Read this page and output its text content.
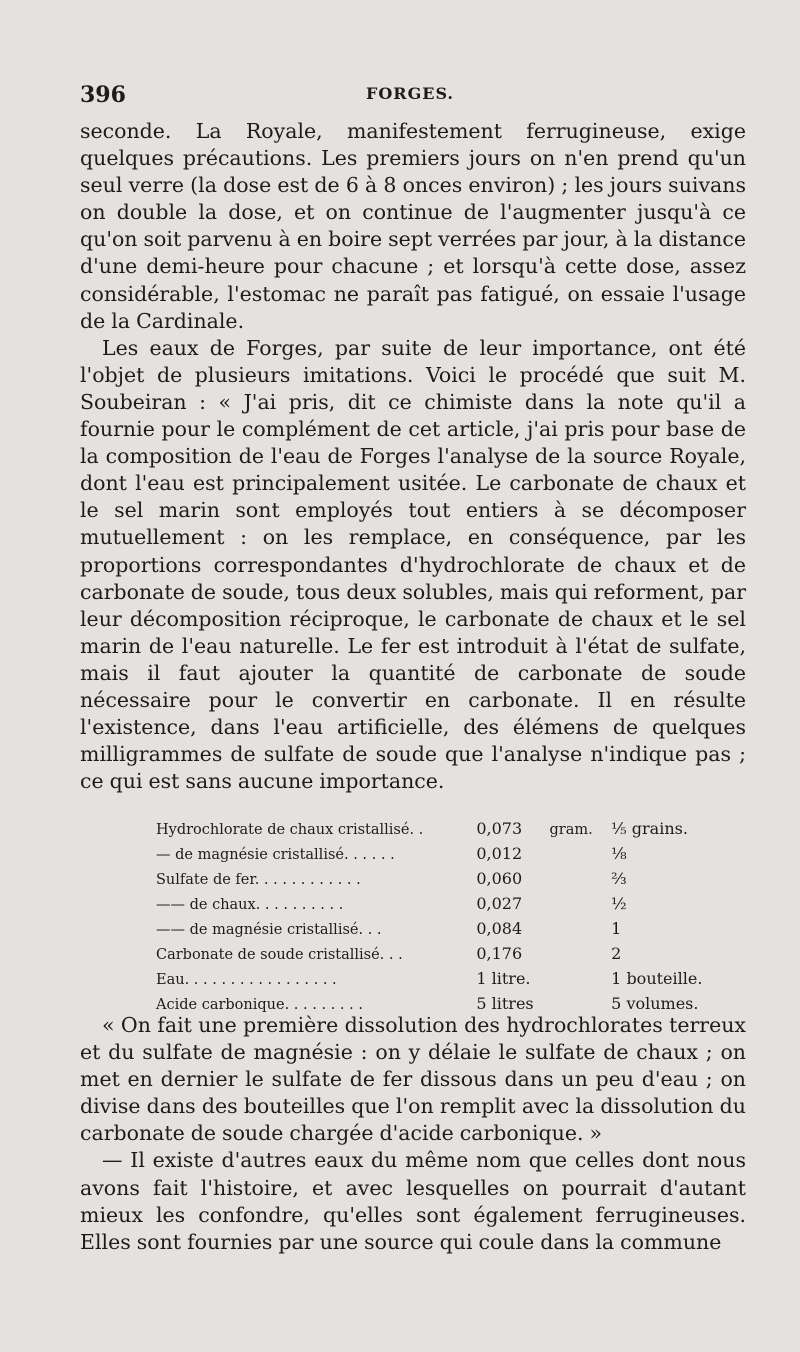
396	FORGES.

seconde. La Royale, manifestement ferrugineuse, exige quelques précautions. Les premiers jours on n'en prend qu'un seul verre (la dose est de 6 à 8 onces environ) ; les jours suivans on double la dose, et on continue de l'augmenter jusqu'à ce qu'on soit parvenu à en boire sept verrées par jour, à la distance d'une demi-heure pour chacune ; et lorsqu'à cette dose, assez considérable, l'estomac ne paraît pas fatigué, on essaie l'usage de la Cardinale.

Les eaux de Forges, par suite de leur importance, ont été l'objet de plusieurs imitations. Voici le procédé que suit M. Soubeiran : « J'ai pris, dit ce chimiste dans la note qu'il a fournie pour le complément de cet article, j'ai pris pour base de la composition de l'eau de Forges l'analyse de la source Royale, dont l'eau est principalement usitée. Le carbonate de chaux et le sel marin sont employés tout entiers à se décomposer mutuellement : on les remplace, en conséquence, par les proportions correspondantes d'hydrochlorate de chaux et de carbonate de soude, tous deux solubles, mais qui reforment, par leur décomposition réciproque, le carbonate de chaux et le sel marin de l'eau naturelle. Le fer est introduit à l'état de sulfate, mais il faut ajouter la quantité de carbonate de soude nécessaire pour le convertir en carbonate. Il en résulte l'existence, dans l'eau artificielle, des élémens de quelques milligrammes de sulfate de soude que l'analyse n'indique pas ; ce qui est sans aucune importance.

Hydrochlorate de chaux cristallisé. .	0,073	gram.	⅕ grains.
— de magnésie cristallisé. . . . . .	0,012		⅛
Sulfate de fer. . . . . . . . . . . .	0,060		⅔
—— de chaux. . . . . . . . . .	0,027		½
—— de magnésie cristallisé. . .	0,084		1
Carbonate de soude cristallisé. . .	0,176		2
Eau. . . . . . . . . . . . . . . . .	1 litre.		1 bouteille.
Acide carbonique. . . . . . . . .	5 litres		5 volumes.

« On fait une première dissolution des hydrochlorates terreux et du sulfate de magnésie : on y délaie le sulfate de chaux ; on met en dernier le sulfate de fer dissous dans un peu d'eau ; on divise dans des bouteilles que l'on remplit avec la dissolution du carbonate de soude chargée d'acide carbonique. »

— Il existe d'autres eaux du même nom que celles dont nous avons fait l'histoire, et avec lesquelles on pourrait d'autant mieux les confondre, qu'elles sont également ferrugineuses. Elles sont fournies par une source qui coule dans la commune
